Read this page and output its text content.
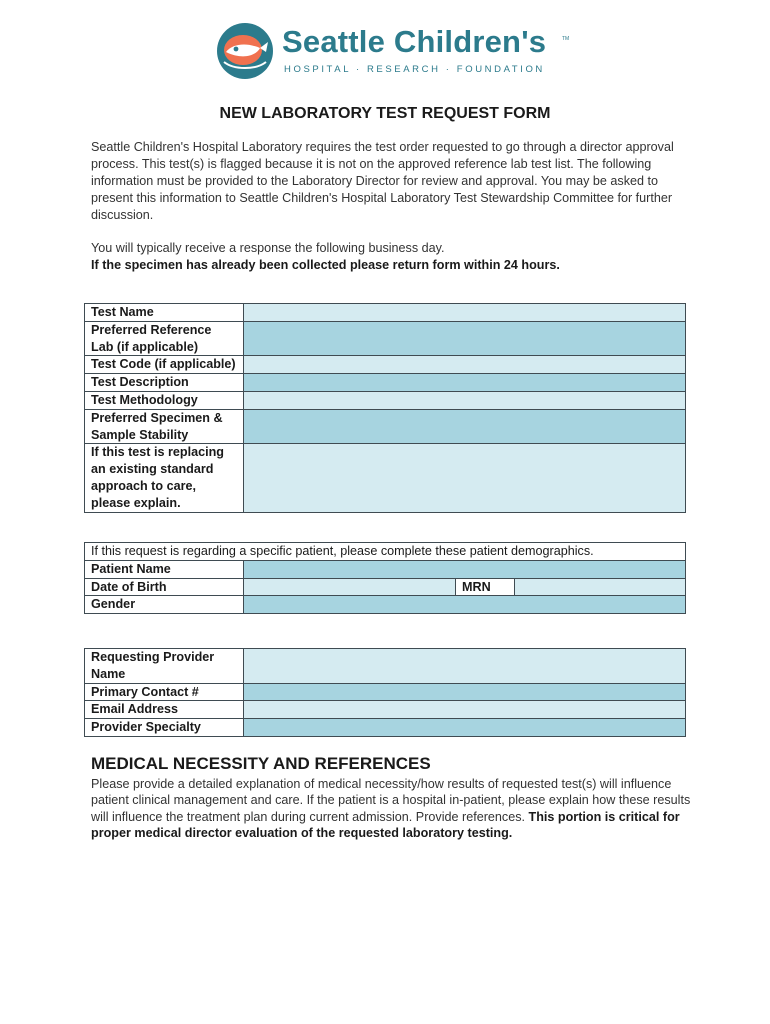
Seattle Children's	TM
HOSPITAL · RESEARCH · FOUNDATION
NEW LABORATORY TEST REQUEST FORM

Seattle Children's Hospital Laboratory requires the test order requested to go through a director approval process. This test(s) is flagged because it is not on the approved reference lab test list. The following information must be provided to the Laboratory Director for review and approval. You may be asked to present this information to Seattle Children's Hospital Laboratory Test Stewardship Committee for further discussion.

You will typically receive a response the following business day.
If the specimen has already been collected please return form within 24 hours.
Test Name	
Preferred Reference Lab (if applicable)	
Test Code (if applicable)	
Test Description	
Test Methodology	
Preferred Specimen & Sample Stability	
If this test is replacing an existing standard approach to care, please explain.	
If this request is regarding a specific patient, please complete these patient demographics.			
Patient Name			
Date of Birth		MRN	
Gender			
Requesting Provider Name	
Primary Contact #	
Email Address	
Provider Specialty	
MEDICAL NECESSITY AND REFERENCES
Please provide a detailed explanation of medical necessity/how results of requested test(s) will influence patient clinical management and care. If the patient is a hospital in-patient, please explain how these results will influence the treatment plan during current admission. Provide references. This portion is critical for proper medical director evaluation of the requested laboratory testing.
